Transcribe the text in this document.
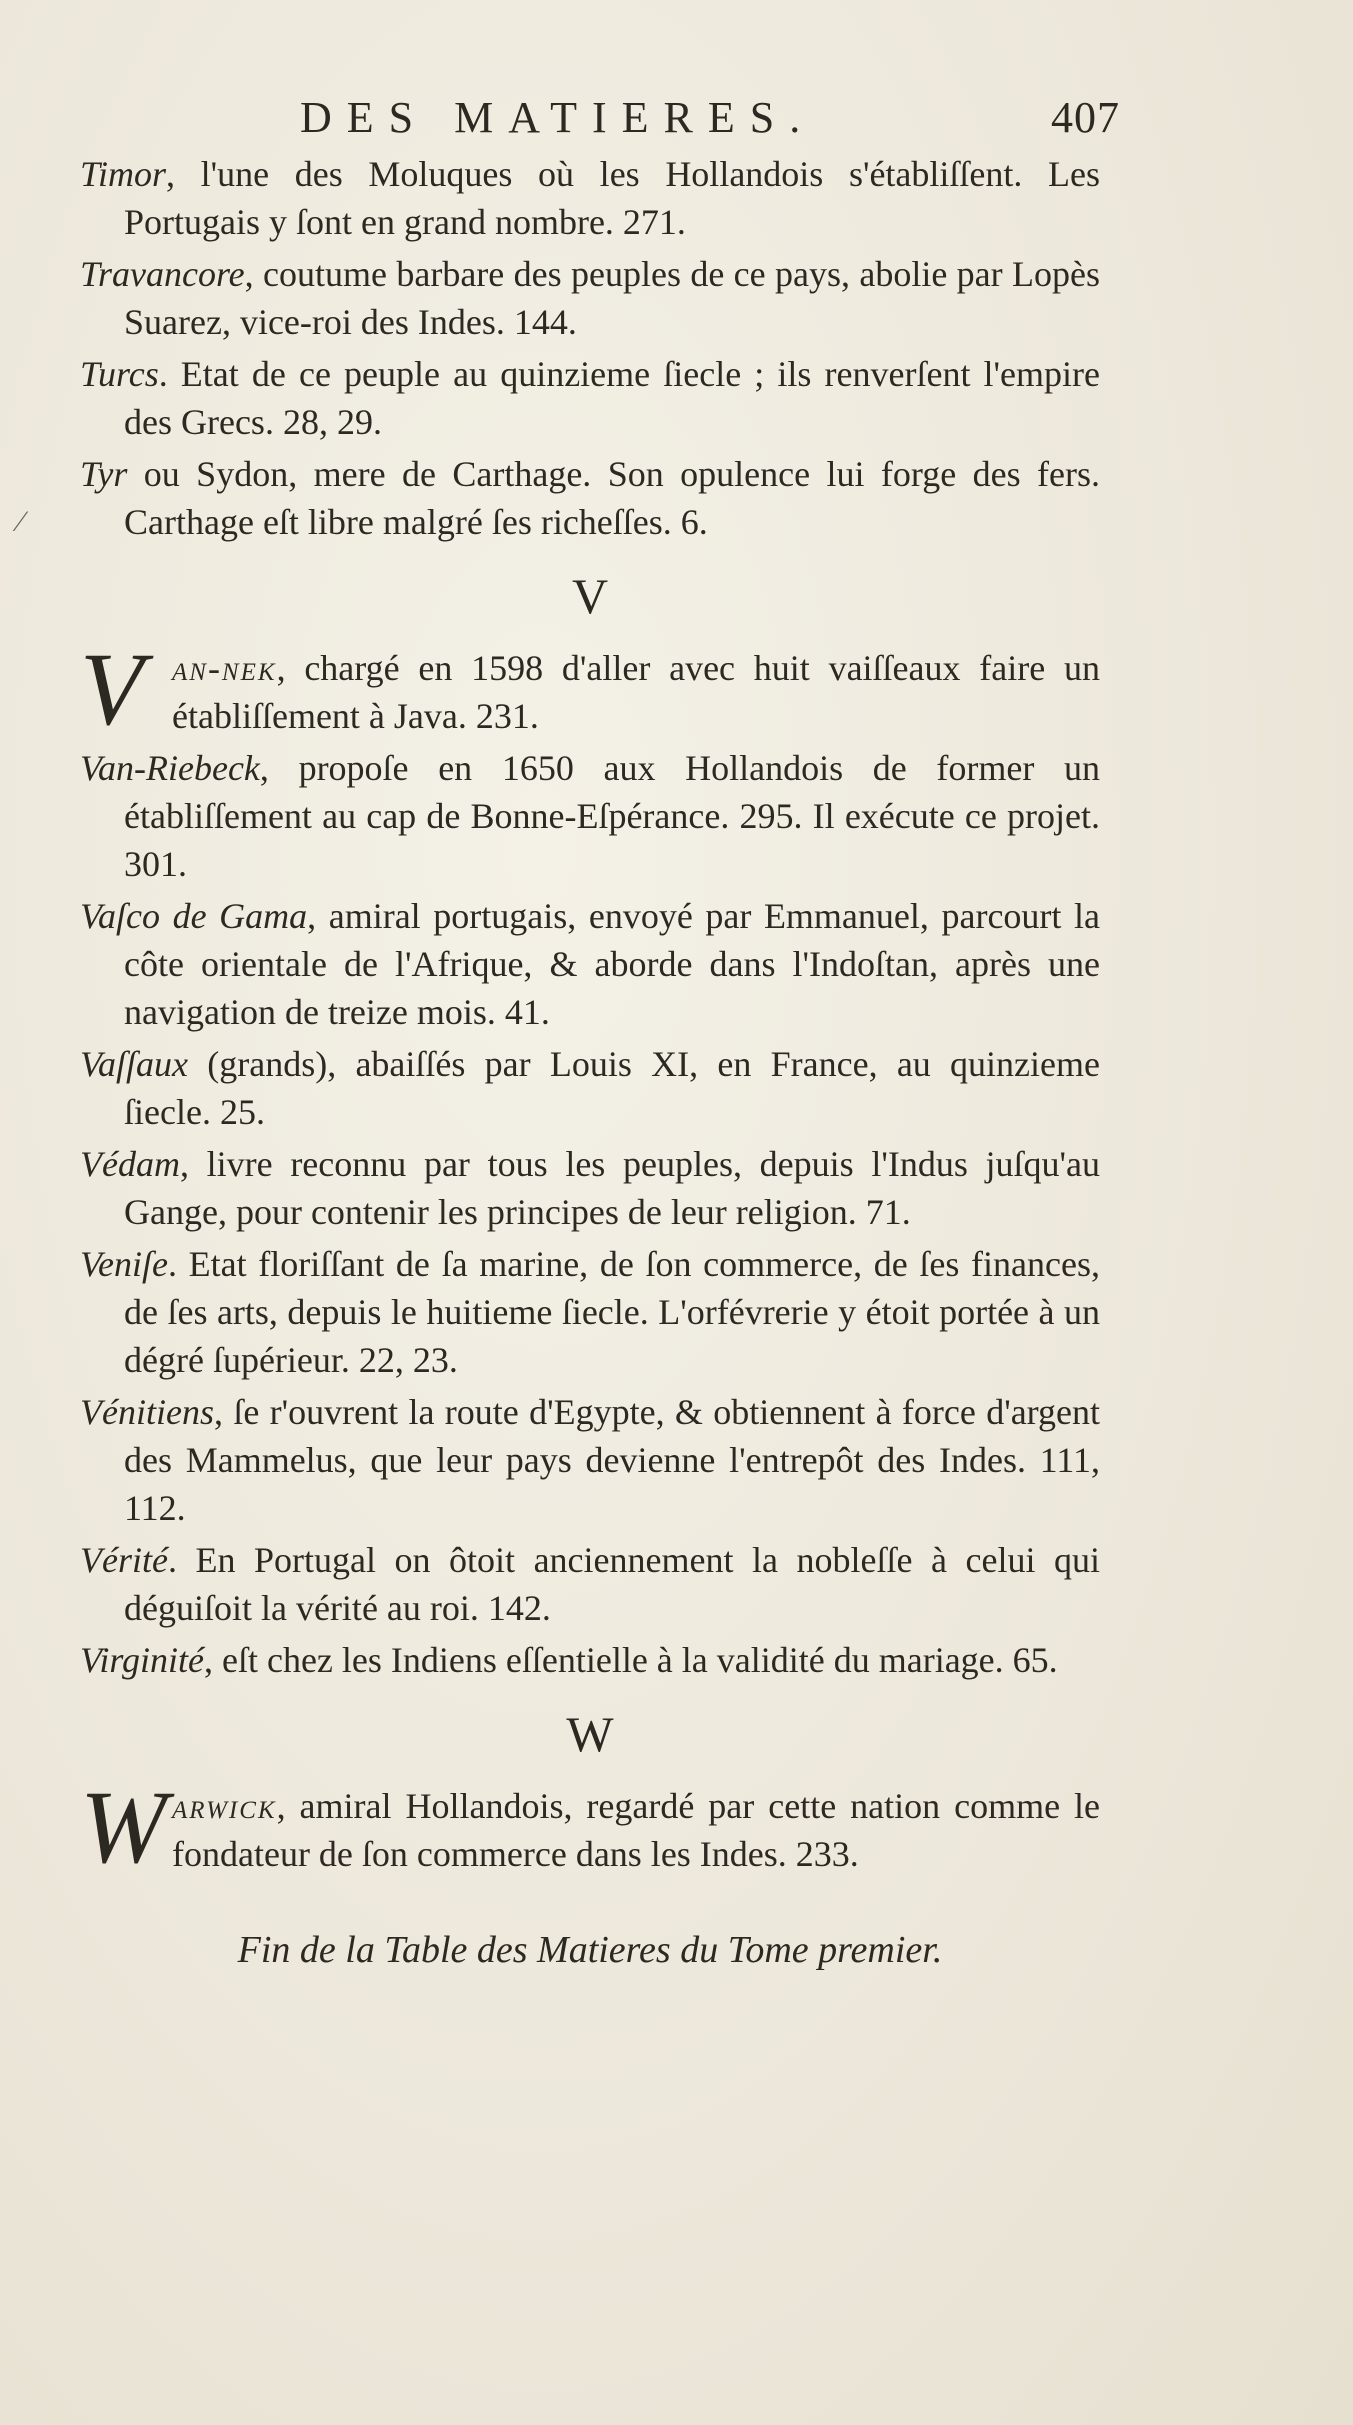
DES MATIERES.	407
⁄

Timor, l'une des Moluques où les Hollandois s'établiſſent. Les Portugais y ſont en grand nombre. 271.

Travancore, coutume barbare des peuples de ce pays, abolie par Lopès Suarez, vice-roi des Indes. 144.

Turcs. Etat de ce peuple au quinzieme ſiecle ; ils renverſent l'empire des Grecs. 28, 29.

Tyr ou Sydon, mere de Carthage. Son opulence lui forge des fers. Carthage eſt libre malgré ſes richeſſes. 6.

V

V an-nek, chargé en 1598 d'aller avec huit vaiſſeaux faire un établiſſement à Java. 231.

Van-Riebeck, propoſe en 1650 aux Hollandois de former un établiſſement au cap de Bonne-Eſpérance. 295. Il exécute ce projet. 301.

Vaſco de Gama, amiral portugais, envoyé par Emmanuel, parcourt la côte orientale de l'Afrique, & aborde dans l'Indoſtan, après une navigation de treize mois. 41.

Vaſſaux (grands), abaiſſés par Louis XI, en France, au quinzieme ſiecle. 25.

Védam, livre reconnu par tous les peuples, depuis l'Indus juſqu'au Gange, pour contenir les principes de leur religion. 71.

Veniſe. Etat floriſſant de ſa marine, de ſon commerce, de ſes finances, de ſes arts, depuis le huitieme ſiecle. L'orfévrerie y étoit portée à un dégré ſupérieur. 22, 23.

Vénitiens, ſe r'ouvrent la route d'Egypte, & obtiennent à force d'argent des Mammelus, que leur pays devienne l'entrepôt des Indes. 111, 112.

Vérité. En Portugal on ôtoit anciennement la nobleſſe à celui qui déguiſoit la vérité au roi. 142.

Virginité, eſt chez les Indiens eſſentielle à la validité du mariage. 65.

W

W arwick, amiral Hollandois, regardé par cette nation comme le fondateur de ſon commerce dans les Indes. 233.

Fin de la Table des Matieres du Tome premier.
